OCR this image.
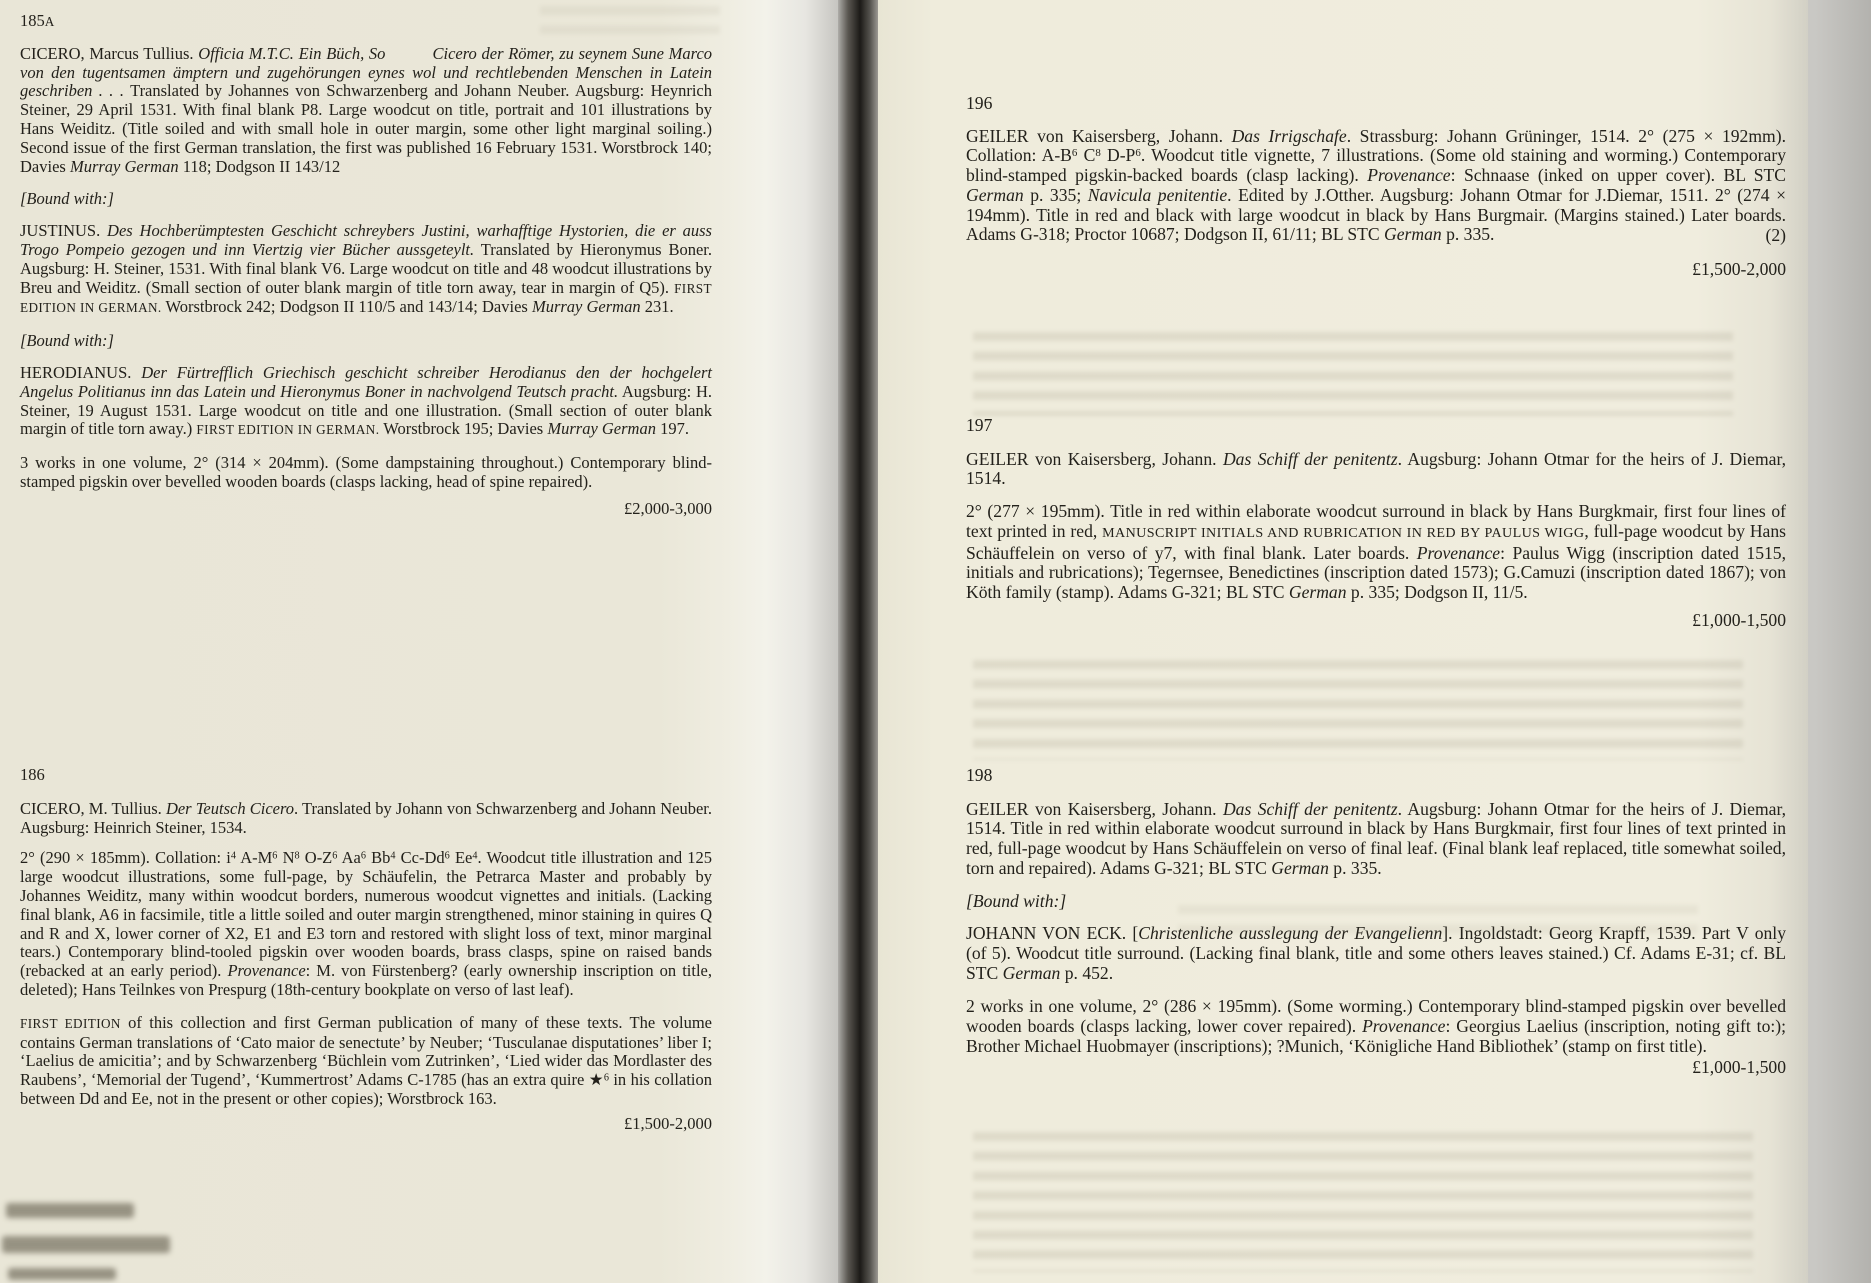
185A

CICERO, Marcus Tullius. Officia M.T.C. Ein Büch, So	Cicero der Römer, zu seynem Sune Marco von den tugentsamen ämptern und zugehörungen eynes wol und rechtlebenden Menschen in Latein geschriben . . . Translated by Johannes von Schwarzenberg and Johann Neuber. Augsburg: Heynrich Steiner, 29 April 1531. With final blank P8. Large woodcut on title, portrait and 101 illustrations by Hans Weiditz. (Title soiled and with small hole in outer margin, some other light marginal soiling.) Second issue of the first German translation, the first was published 16 February 1531. Worstbrock 140; Davies Murray German 118; Dodgson II 143/12

[Bound with:]

JUSTINUS. Des Hochberümptesten Geschicht schreybers Justini, warhafftige Hystorien, die er auss Trogo Pompeio gezogen und inn Viertzig vier Bücher aussgeteylt. Translated by Hieronymus Boner. Augsburg: H. Steiner, 1531. With final blank V6. Large woodcut on title and 48 woodcut illustrations by Breu and Weiditz. (Small section of outer blank margin of title torn away, tear in margin of Q5). FIRST EDITION IN GERMAN. Worstbrock 242; Dodgson II 110/5 and 143/14; Davies Murray German 231.

[Bound with:]

HERODIANUS. Der Fürtrefflich Griechisch geschicht schreiber Herodianus den der hochgelert Angelus Politianus inn das Latein und Hieronymus Boner in nachvolgend Teutsch pracht. Augsburg: H. Steiner, 19 August 1531. Large woodcut on title and one illustration. (Small section of outer blank margin of title torn away.) FIRST EDITION IN GERMAN. Worstbrock 195; Davies Murray German 197.

3 works in one volume, 2° (314 × 204mm). (Some dampstaining throughout.) Contemporary blind-stamped pigskin over bevelled wooden boards (clasps lacking, head of spine repaired).

£2,000-3,000

186

CICERO, M. Tullius. Der Teutsch Cicero. Translated by Johann von Schwarzenberg and Johann Neuber. Augsburg: Heinrich Steiner, 1534.

2° (290 × 185mm). Collation: $i^4$ $A-M^6$ $N^8$ $O-Z^6$ Aa$^6$ Bb$^4$ Cc-Dd$^6$ Ee$^4$. Woodcut title illustration and 125 large woodcut illustrations, some full-page, by Schäufelin, the Petrarca Master and probably by Johannes Weiditz, many within woodcut borders, numerous woodcut vignettes and initials. (Lacking final blank, A6 in facsimile, title a little soiled and outer margin strengthened, minor staining in quires Q and R and X, lower corner of X2, E1 and E3 torn and restored with slight loss of text, minor marginal tears.) Contemporary blind-tooled pigskin over wooden boards, brass clasps, spine on raised bands (rebacked at an early period). Provenance: M. von Fürstenberg? (early ownership inscription on title, deleted); Hans Teilnkes von Prespurg (18th-century bookplate on verso of last leaf).

FIRST EDITION of this collection and first German publication of many of these texts. The volume contains German translations of ‘Cato maior de senectute’ by Neuber; ‘Tusculanae disputationes’ liber I; ‘Laelius de amicitia’; and by Schwarzenberg ‘Büchlein vom Zutrinken’, ‘Lied wider das Mordlaster des Raubens’, ‘Memorial der Tugend’, ‘Kummertrost’ Adams C-1785 (has an extra quire ★$^6$ in his collation between Dd and Ee, not in the present or other copies); Worstbrock 163.

£1,500-2,000

196

GEILER von Kaisersberg, Johann. Das Irrigschafe. Strassburg: Johann Grüninger, 1514. 2° (275 × 192mm). Collation: $A-B^6$ $C^8$ $D-P^6$. Woodcut title vignette, 7 illustrations. (Some old staining and worming.) Contemporary blind-stamped pigskin-backed boards (clasp lacking). Provenance: Schnaase (inked on upper cover). BL STC German p. 335; Navicula penitentie. Edited by J.Otther. Augsburg: Johann Otmar for J.Diemar, 1511. 2° (274 × 194mm). Title in red and black with large woodcut in black by Hans Burgmair. (Margins stained.) Later boards. Adams G-318; Proctor 10687; Dodgson II, 61/11; BL STC German p. 335.	(2)

£1,500-2,000

197

GEILER von Kaisersberg, Johann. Das Schiff der penitentz. Augsburg: Johann Otmar for the heirs of J. Diemar, 1514.

2° (277 × 195mm). Title in red within elaborate woodcut surround in black by Hans Burgkmair, first four lines of text printed in red, MANUSCRIPT INITIALS AND RUBRICATION IN RED BY PAULUS WIGG, full-page woodcut by Hans Schäuffelein on verso of y7, with final blank. Later boards. Provenance: Paulus Wigg (inscription dated 1515, initials and rubrications); Tegernsee, Benedictines (inscription dated 1573); G.Camuzi (inscription dated 1867); von Köth family (stamp). Adams G-321; BL STC German p. 335; Dodgson II, 11/5.

£1,000-1,500

198

GEILER von Kaisersberg, Johann. Das Schiff der penitentz. Augsburg: Johann Otmar for the heirs of J. Diemar, 1514. Title in red within elaborate woodcut surround in black by Hans Burgkmair, first four lines of text printed in red, full-page woodcut by Hans Schäuffelein on verso of final leaf. (Final blank leaf replaced, title somewhat soiled, torn and repaired). Adams G-321; BL STC German p. 335.

[Bound with:]

JOHANN VON ECK. [Christenliche ausslegung der Evangelienn]. Ingoldstadt: Georg Krapff, 1539. Part V only (of 5). Woodcut title surround. (Lacking final blank, title and some others leaves stained.) Cf. Adams E-31; cf. BL STC German p. 452.

2 works in one volume, 2° (286 × 195mm). (Some worming.) Contemporary blind-stamped pigskin over bevelled wooden boards (clasps lacking, lower cover repaired). Provenance: Georgius Laelius (inscription, noting gift to:); Brother Michael Huobmayer (inscriptions); ?Munich, ‘Königliche Hand Bibliothek’ (stamp on first title).

£1,000-1,500
